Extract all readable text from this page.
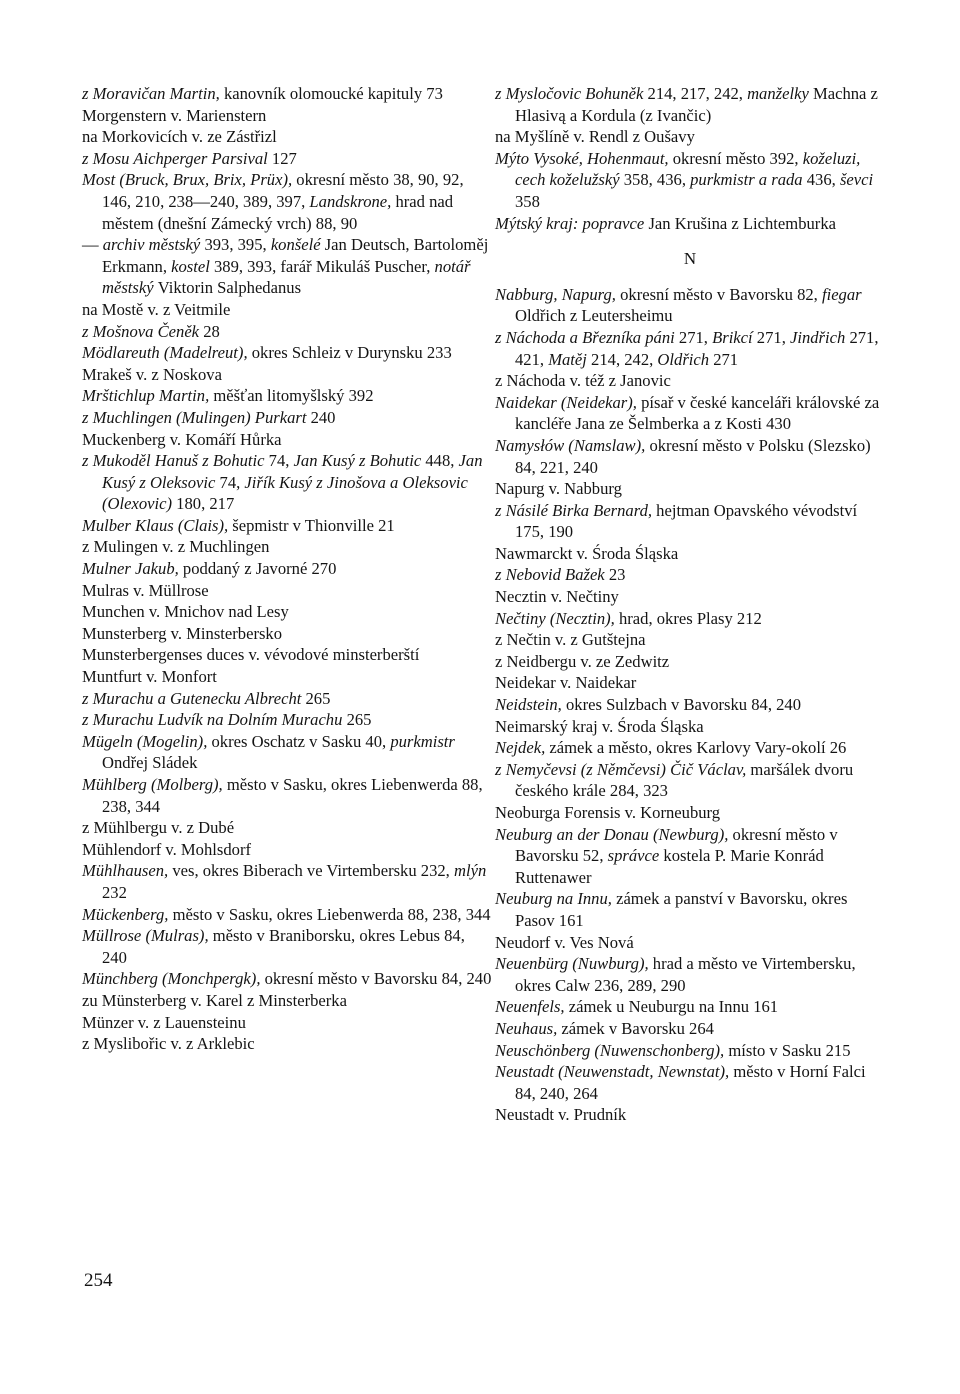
z Moravičan Martin, kanovník olomoucké kapituly 73

Morgenstern v. Marienstern

na Morkovicích v. ze Zástřizl

z Mosu Aichperger Parsival 127

Most (Bruck, Brux, Brix, Prüx), okresní město 38, 90, 92, 146, 210, 238—240, 389, 397, Landskrone, hrad nad městem (dnešní Zámecký vrch) 88, 90

— archiv městský 393, 395, konšelé Jan Deutsch, Bartoloměj Erkmann, kostel 389, 393, farář Mikuláš Puscher, notář městský Viktorin Salphedanus

na Mostě v. z Veitmile

z Mošnova Čeněk 28

Mödlareuth (Madelreut), okres Schleiz v Durynsku 233

Mrakeš v. z Noskova

Mrštichlup Martin, měšťan litomyšlský 392

z Muchlingen (Mulingen) Purkart 240

Muckenberg v. Komáří Hůrka

z Mukoděl Hanuš z Bohutic 74, Jan Kusý z Bohutic 448, Jan Kusý z Oleksovic 74, Jiřík Kusý z Jinošova a Oleksovic (Olexovic) 180, 217

Mulber Klaus (Clais), šepmistr v Thionville 21

z Mulingen v. z Muchlingen

Mulner Jakub, poddaný z Javorné 270

Mulras v. Müllrose

Munchen v. Mnichov nad Lesy

Munsterberg v. Minsterbersko

Munsterbergenses duces v. vévodové minsterberští

Muntfurt v. Monfort

z Murachu a Gutenecku Albrecht 265

z Murachu Ludvík na Dolním Murachu 265

Mügeln (Mogelin), okres Oschatz v Sasku 40, purkmistr Ondřej Sládek

Mühlberg (Molberg), město v Sasku, okres Liebenwerda 88, 238, 344

z Mühlbergu v. z Dubé

Mühlendorf v. Mohlsdorf

Mühlhausen, ves, okres Biberach ve Virtembersku 232, mlýn 232

Mückenberg, město v Sasku, okres Liebenwerda 88, 238, 344

Müllrose (Mulras), město v Braniborsku, okres Lebus 84, 240

Münchberg (Monchpergk), okresní město v Bavorsku 84, 240

zu Münsterberg v. Karel z Minsterberka

Münzer v. z Lauensteinu

z Myslibořic v. z Arklebic

z Mysločovic Bohuněk 214, 217, 242, manželky Machna z Hlasivą a Kordula (z Ivančic)

na Myšlíně v. Rendl z Oušavy

Mýto Vysoké, Hohenmaut, okresní město 392, koželuzi, cech koželužský 358, 436, purkmistr a rada 436, ševci 358

Mýtský kraj: popravce Jan Krušina z Lichtemburka

N

Nabburg, Napurg, okresní město v Bavorsku 82, fiegar Oldřich z Leutersheimu

z Náchoda a Březníka páni 271, Brikcí 271, Jindřich 271, 421, Matěj 214, 242, Oldřich 271

z Náchoda v. též z Janovic

Naidekar (Neidekar), písař v české kanceláři královské za kancléře Jana ze Šelmberka a z Kosti 430

Namysłów (Namslaw), okresní město v Polsku (Slezsko) 84, 221, 240

Napurg v. Nabburg

z Násilé Birka Bernard, hejtman Opavského vévodství 175, 190

Nawmarckt v. Środa Śląska

z Nebovid Bažek 23

Necztin v. Nečtiny

Nečtiny (Necztin), hrad, okres Plasy 212

z Nečtin v. z Gutštejna

z Neidbergu v. ze Zedwitz

Neidekar v. Naidekar

Neidstein, okres Sulzbach v Bavorsku 84, 240

Neimarský kraj v. Środa Śląska

Nejdek, zámek a město, okres Karlovy Vary-okolí 26

z Nemyčevsi (z Němčevsi) Čič Václav, maršálek dvoru českého krále 284, 323

Neoburga Forensis v. Korneuburg

Neuburg an der Donau (Newburg), okresní město v Bavorsku 52, správce kostela P. Marie Konrád Ruttenawer

Neuburg na Innu, zámek a panství v Bavorsku, okres Pasov 161

Neudorf v. Ves Nová

Neuenbürg (Nuwburg), hrad a město ve Virtembersku, okres Calw 236, 289, 290

Neuenfels, zámek u Neuburgu na Innu 161

Neuhaus, zámek v Bavorsku 264

Neuschönberg (Nuwenschonberg), místo v Sasku 215

Neustadt (Neuwenstadt, Newnstat), město v Horní Falci 84, 240, 264

Neustadt v. Prudník

254
